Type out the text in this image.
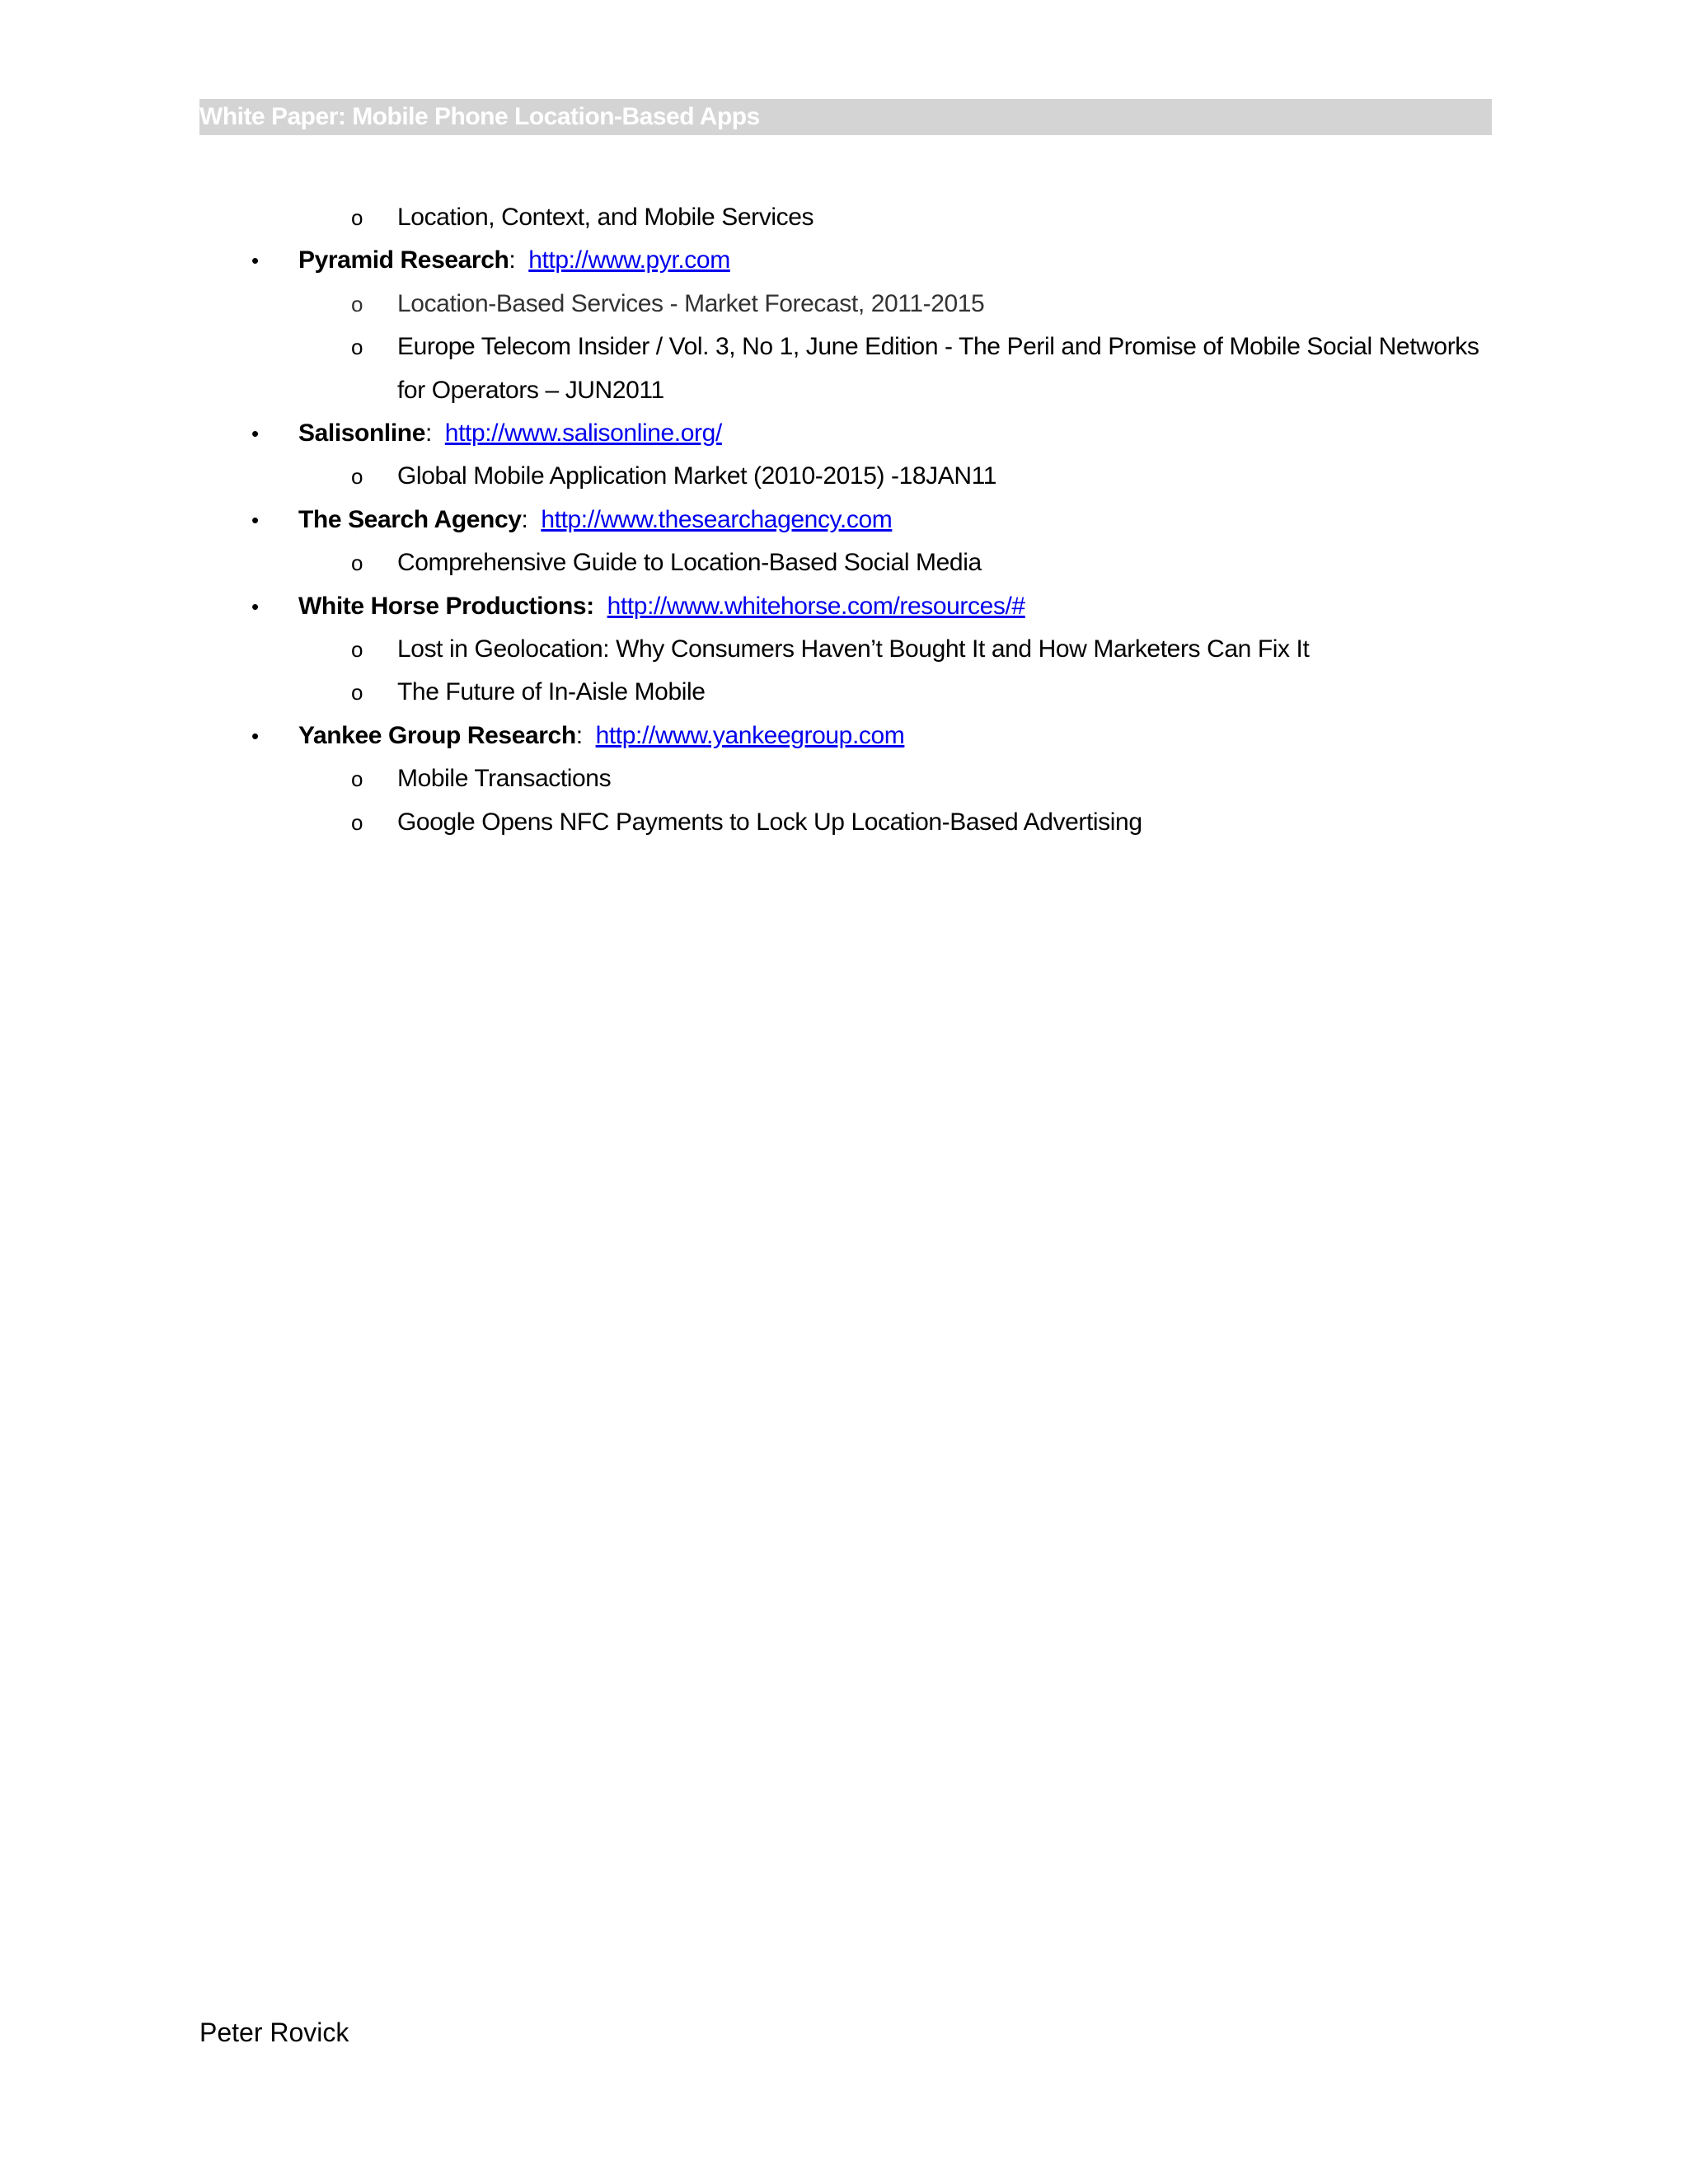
White Paper: Mobile Phone Location-Based Apps
o Location, Context, and Mobile Services
• Pyramid Research: http://www.pyr.com
o Location-Based Services - Market Forecast, 2011-2015
o Europe Telecom Insider / Vol. 3, No 1, June Edition - The Peril and Promise of Mobile Social Networks for Operators – JUN2011
• Salisonline: http://www.salisonline.org/
o Global Mobile Application Market (2010-2015) -18JAN11
• The Search Agency: http://www.thesearchagency.com
o Comprehensive Guide to Location-Based Social Media
• White Horse Productions: http://www.whitehorse.com/resources/#
o Lost in Geolocation: Why Consumers Haven’t Bought It and How Marketers Can Fix It
o The Future of In-Aisle Mobile
• Yankee Group Research: http://www.yankeegroup.com
o Mobile Transactions
o Google Opens NFC Payments to Lock Up Location-Based Advertising
Peter Rovick
